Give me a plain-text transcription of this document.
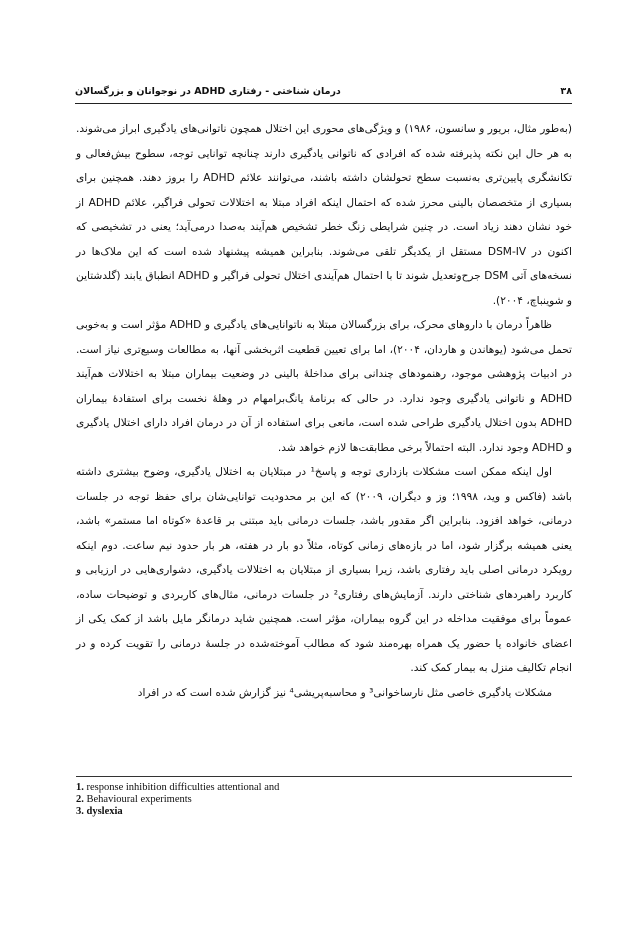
۳۸
درمان شناختی - رفتاری ADHD در نوجوانان و بزرگسالان

(به‌طور مثال، بریور و سانسون، ۱۹۸۶) و ویژگی‌های محوری این اختلال همچون ناتوانی‌های یادگیری ابراز می‌شوند. به هر حال این نکته پذیرفته شده که افرادی که ناتوانی یادگیری دارند چنانچه توانایی توجه، سطوح بیش‌فعالی و تکانشگری پایین‌تری به‌نسبت سطح تحولشان داشته باشند، می‌توانند علائم ADHD را بروز دهند. همچنین برای بسیاری از متخصصان بالینی محرز شده که احتمال اینکه افراد مبتلا به اختلالات تحولی فراگیر، علائم ADHD از خود نشان دهند زیاد است. در چنین شرایطی زنگ خطر تشخیص هم‌آیند به‌صدا درمی‌آید؛ یعنی در تشخیصی که اکنون در DSM-IV مستقل از یکدیگر تلقی می‌شوند. بنابراین همیشه پیشنهاد شده است که این ملاک‌ها در نسخه‌های آتی DSM جرح‌وتعدیل شوند تا با احتمال هم‌آیندی اختلال تحولی فراگیر و ADHD انطباق یابند (گلدشتاین و شوینباچ، ۲۰۰۴).

ظاهراً درمان با داروهای محرک، برای بزرگسالان مبتلا به ناتوانایی‌های یادگیری و ADHD مؤثر است و به‌خوبی تحمل می‌شود (یوهاندن و هاردان، ۲۰۰۴)، اما برای تعیین قطعیت اثربخشی آنها، به مطالعات وسیع‌تری نیاز است. در ادبیات پژوهشی موجود، رهنمودهای چندانی برای مداخلهٔ بالینی در وضعیت بیماران مبتلا به اختلالات هم‌آیند ADHD و ناتوانی یادگیری وجود ندارد. در حالی که برنامهٔ یانگ‌برامهام در وهلهٔ نخست برای استفادهٔ بیماران ADHD بدون اختلال یادگیری طراحی شده است، مانعی برای استفاده از آن در درمان افراد دارای اختلال یادگیری و ADHD وجود ندارد. البته احتمالاً برخی مطابقت‌ها لازم خواهد شد.

اول اینکه ممکن است مشکلات بازداری توجه و پاسخ¹ در مبتلایان به اختلال یادگیری، وضوح بیشتری داشته باشد (فاکس و وید، ۱۹۹۸؛ وز و دیگران، ۲۰۰۹) که این بر محدودیت توانایی‌شان برای حفظ توجه در جلسات درمانی، خواهد افزود. بنابراین اگر مقدور باشد، جلسات درمانی باید مبتنی بر قاعدهٔ «کوتاه اما مستمر» باشد، یعنی همیشه برگزار شود، اما در بازه‌های زمانی کوتاه، مثلاً دو بار در هفته، هر بار حدود نیم ساعت. دوم اینکه رویکرد درمانی اصلی باید رفتاری باشد، زیرا بسیاری از مبتلایان به اختلالات یادگیری، دشواری‌هایی در ارزیابی و کاربرد راهبردهای شناختی دارند. آزمایش‌های رفتاری² در جلسات درمانی، مثال‌های کاربردی و توضیحات ساده، عموماً برای موفقیت مداخله در این گروه بیماران، مؤثر است. همچنین شاید درمانگر مایل باشد از کمک یکی از اعضای خانواده یا حضور یک همراه بهره‌مند شود که مطالب آموخته‌شده در جلسهٔ درمانی را تقویت کرده و در انجام تکالیف منزل به بیمار کمک کند.

مشکلات یادگیری خاصی مثل نارساخوانی³ و محاسبه‌پریشی⁴ نیز گزارش شده است که در افراد

1. response inhibition difficulties attentional and
2. Behavioural experiments
3. dyslexia
